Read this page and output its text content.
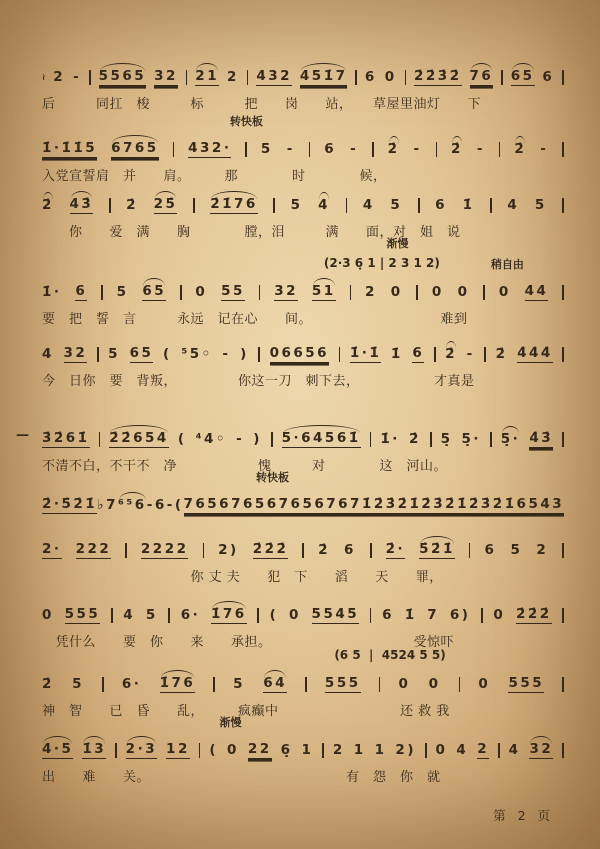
≀ 2 - 5565 32 21 2 432 451̇7 6 0 2̇2̇3̇2̇ 76 65 6
后　　　同扛　梭　　　标　　　把　　岗　　站，　　草屋里油灯　　下
转快板
1̇·1̇1̇5 6765 432· 5 - 6 - 2̇ - 2̇ - 2̇ -
入党宣誓肩　并　　肩。　　　那　　　　时　　　　候，
2̇ 43̇ 2̇ 25̇ 2̇1̇76 5 4 4 5 6 1̇ 4 5
　　你　　爱　满　　胸　　　　膛，泪　　　满　　面，对　姐　说
渐慢
(2·3 6̣ 1 | 2 3 1 2)	稍自由
1̇· 6 5 65 0 55 32 51 2 0 0 0 0 44
要　把　誓　言　　　永远　记在心　　间。　　　　　　　　　　难到
4 32 5 65 ( ⁵5◦ - ) 06656 1̇·1̇ 1̇ 6 2̇ - 2̇ 4̇4̇4̇
今　日你　要　背叛，　　　　　你这一刀　刺下去，　　　　　　才真是
— 3̇2̇61̇ 2̇2̇654 ( ⁴4◦ - ) 5·64561̇ 1̇· 2̇ 5̣ 5̣· 5̣· 4̇3̇
不清不白，不干不　净　　　　　　愧　　　对　　　　这　河山。
转快板
2̇·5̇2̇1̇ ♭7 ⁶⁵6 - 6 - ( 7656 7656 7656 7671̇ 2̇3̇2̇1̇ 2̇3̇2̇1̇ 2̇3̇2̇1̇ 6543
2· 222 2222 2) 2̇2̇2̇ 2̇ 6 2̇· 5̇2̇1̇ 6 5 2
　　　　　　　　　　　你 丈 夫　　犯　下　　滔　　天　　罪，
0 555 4 5 6· 1̇76 ( 0 5545 6 1̇ 7 6) 0 2̇2̇2̇
　凭什么　　要　你　　来　　承担。　　　　　　　　　　　受惊吓
(6 5  |  4524 5 5)
2̇ 5	6· 1̇76	5 64	555	0 0	0 555
神　智　　已　昏　　乱，　　　疯癫中　　　　　　　　　还 救 我
渐慢
4·5 1̇3 2·3 12 ( 0 22 6̣ 1 2 1 1 2) 0 4 2 4 32
出　　难　　关。　　　　　　　　　　　　　　　有　怨　你　就
第 2 页
